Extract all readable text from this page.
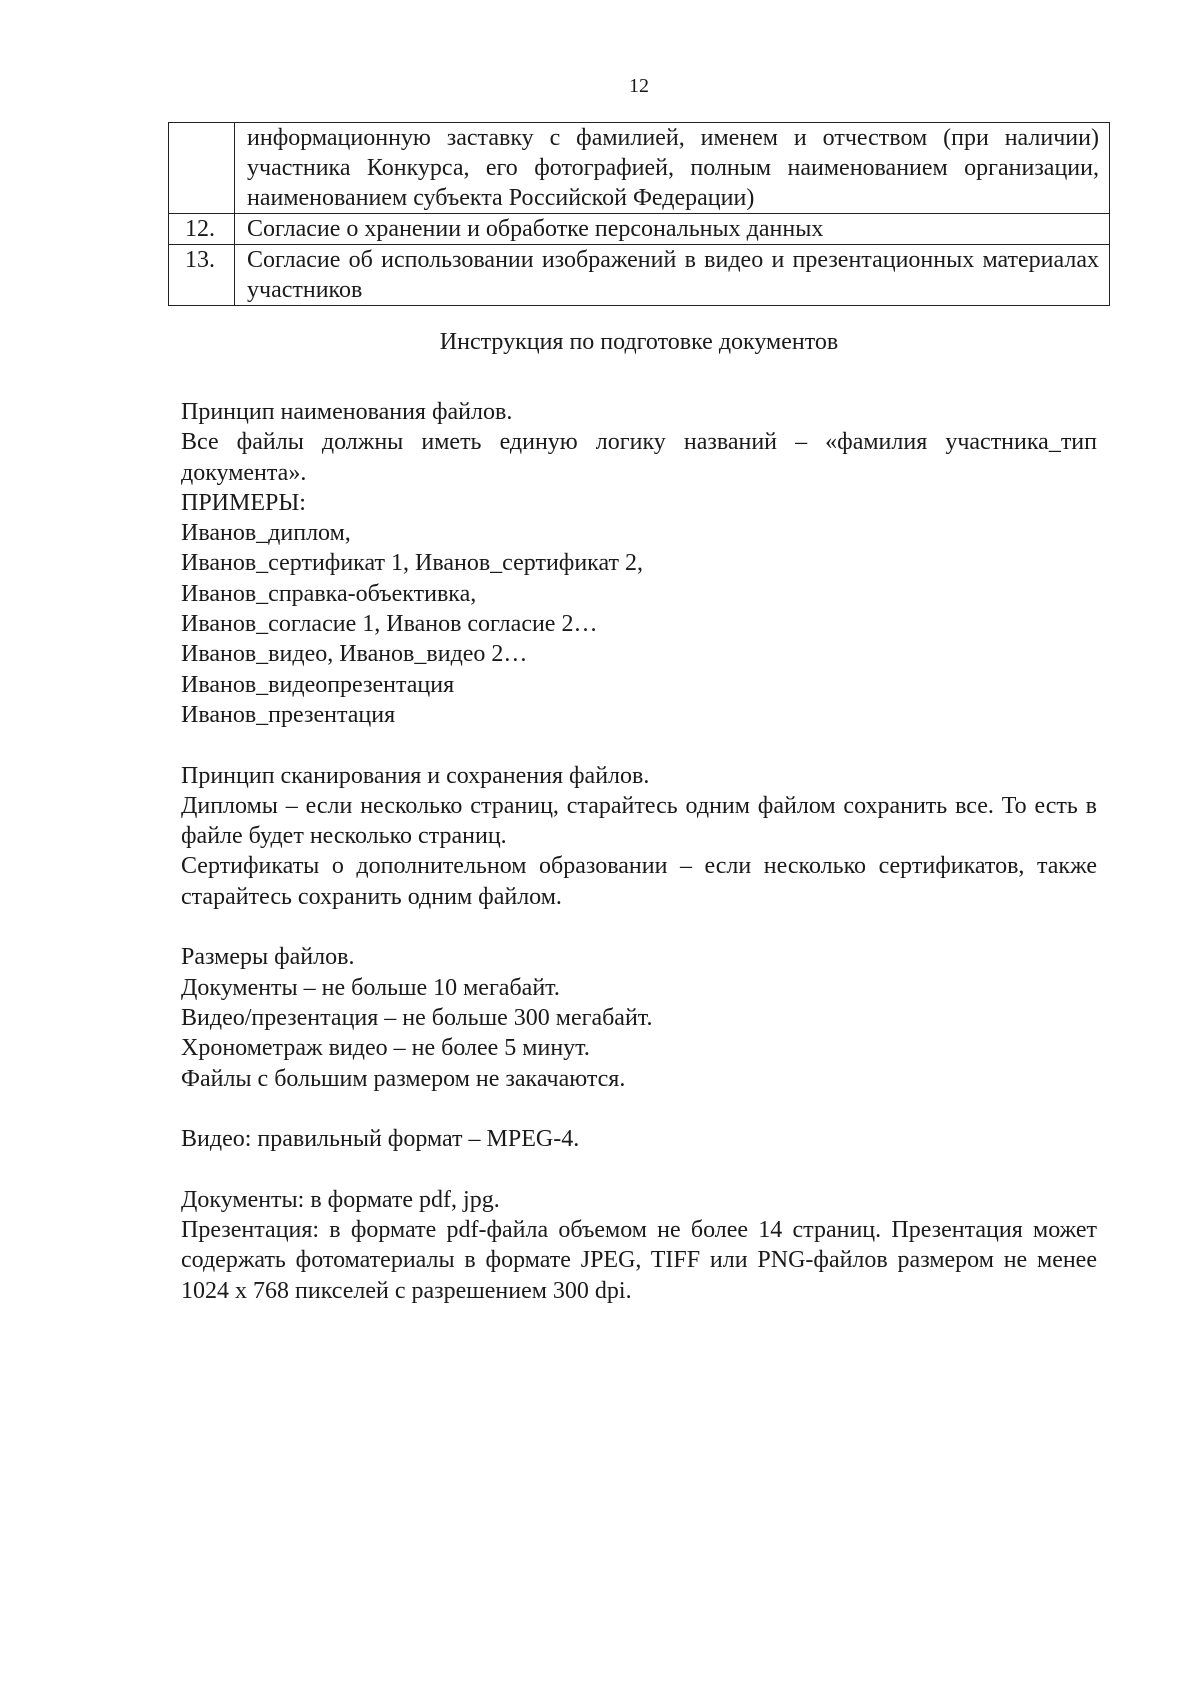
12
	информационную заставку с фамилией, именем и отчеством (при наличии) участника Конкурса, его фотографией, полным наименованием организации, наименованием субъекта Российской Федерации)
12.	Согласие о хранении и обработке персональных данных
13.	Согласие об использовании изображений в видео и презентационных материалах участников
Инструкция по подготовке документов
Принцип наименования файлов.
Все файлы должны иметь единую логику названий – «фамилия участника_тип документа».
ПРИМЕРЫ:
Иванов_диплом,
Иванов_сертификат 1, Иванов_сертификат 2,
Иванов_справка-объективка,
Иванов_согласие 1, Иванов согласие 2…
Иванов_видео, Иванов_видео 2…
Иванов_видеопрезентация
Иванов_презентация
Принцип сканирования и сохранения файлов.
Дипломы – если несколько страниц, старайтесь одним файлом сохранить все. То есть в файле будет несколько страниц.
Сертификаты о дополнительном образовании – если несколько сертификатов, также старайтесь сохранить одним файлом.
Размеры файлов.
Документы – не больше 10 мегабайт.
Видео/презентация – не больше 300 мегабайт.
Хронометраж видео – не более 5 минут.
Файлы с большим размером не закачаются.
Видео: правильный формат – MPEG-4.
Документы: в формате pdf, jpg.
Презентация: в формате pdf-файла объемом не более 14 страниц. Презентация может содержать фотоматериалы в формате JPEG, TIFF или PNG-файлов размером не менее 1024 x 768 пикселей с разрешением 300 dpi.
